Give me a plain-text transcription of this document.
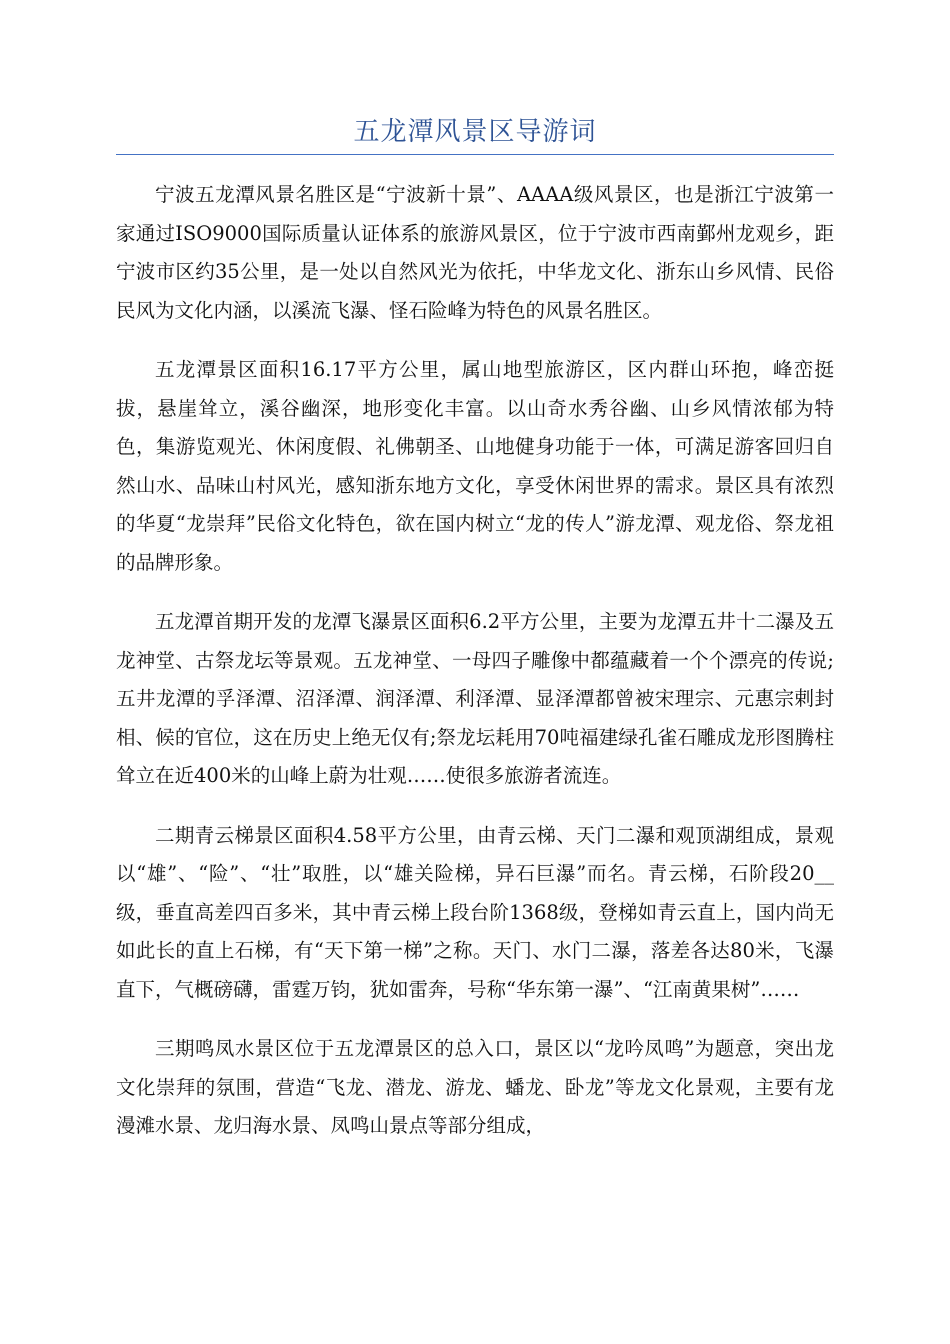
五龙潭风景区导游词

宁波五龙潭风景名胜区是“宁波新十景”、AAAA级风景区，也是浙江宁波第一家通过ISO9000国际质量认证体系的旅游风景区，位于宁波市西南鄞州龙观乡，距宁波市区约35公里，是一处以自然风光为依托，中华龙文化、浙东山乡风情、民俗民风为文化内涵，以溪流飞瀑、怪石险峰为特色的风景名胜区。

五龙潭景区面积16.17平方公里，属山地型旅游区，区内群山环抱，峰峦挺拔，悬崖耸立，溪谷幽深，地形变化丰富。以山奇水秀谷幽、山乡风情浓郁为特色，集游览观光、休闲度假、礼佛朝圣、山地健身功能于一体，可满足游客回归自然山水、品味山村风光，感知浙东地方文化，享受休闲世界的需求。景区具有浓烈的华夏“龙崇拜”民俗文化特色，欲在国内树立“龙的传人”游龙潭、观龙俗、祭龙祖的品牌形象。

五龙潭首期开发的龙潭飞瀑景区面积6.2平方公里，主要为龙潭五井十二瀑及五龙神堂、古祭龙坛等景观。五龙神堂、一母四子雕像中都蕴藏着一个个漂亮的传说;五井龙潭的孚泽潭、沼泽潭、润泽潭、利泽潭、显泽潭都曾被宋理宗、元惠宗剌封相、候的官位，这在历史上绝无仅有;祭龙坛耗用70吨福建绿孔雀石雕成龙形图腾柱耸立在近400米的山峰上蔚为壮观……使很多旅游者流连。

二期青云梯景区面积4.58平方公里，由青云梯、天门二瀑和观顶湖组成，景观以“雄”、“险”、“壮”取胜，以“雄关险梯，异石巨瀑”而名。青云梯，石阶段20__级，垂直高差四百多米，其中青云梯上段台阶1368级，登梯如青云直上，国内尚无如此长的直上石梯，有“天下第一梯”之称。天门、水门二瀑，落差各达80米，飞瀑直下，气概磅礴，雷霆万钧，犹如雷奔，号称“华东第一瀑”、“江南黄果树”……

三期鸣凤水景区位于五龙潭景区的总入口，景区以“龙吟凤鸣”为题意，突出龙文化崇拜的氛围，营造“飞龙、潜龙、游龙、蟠龙、卧龙”等龙文化景观，主要有龙漫滩水景、龙归海水景、凤鸣山景点等部分组成，
